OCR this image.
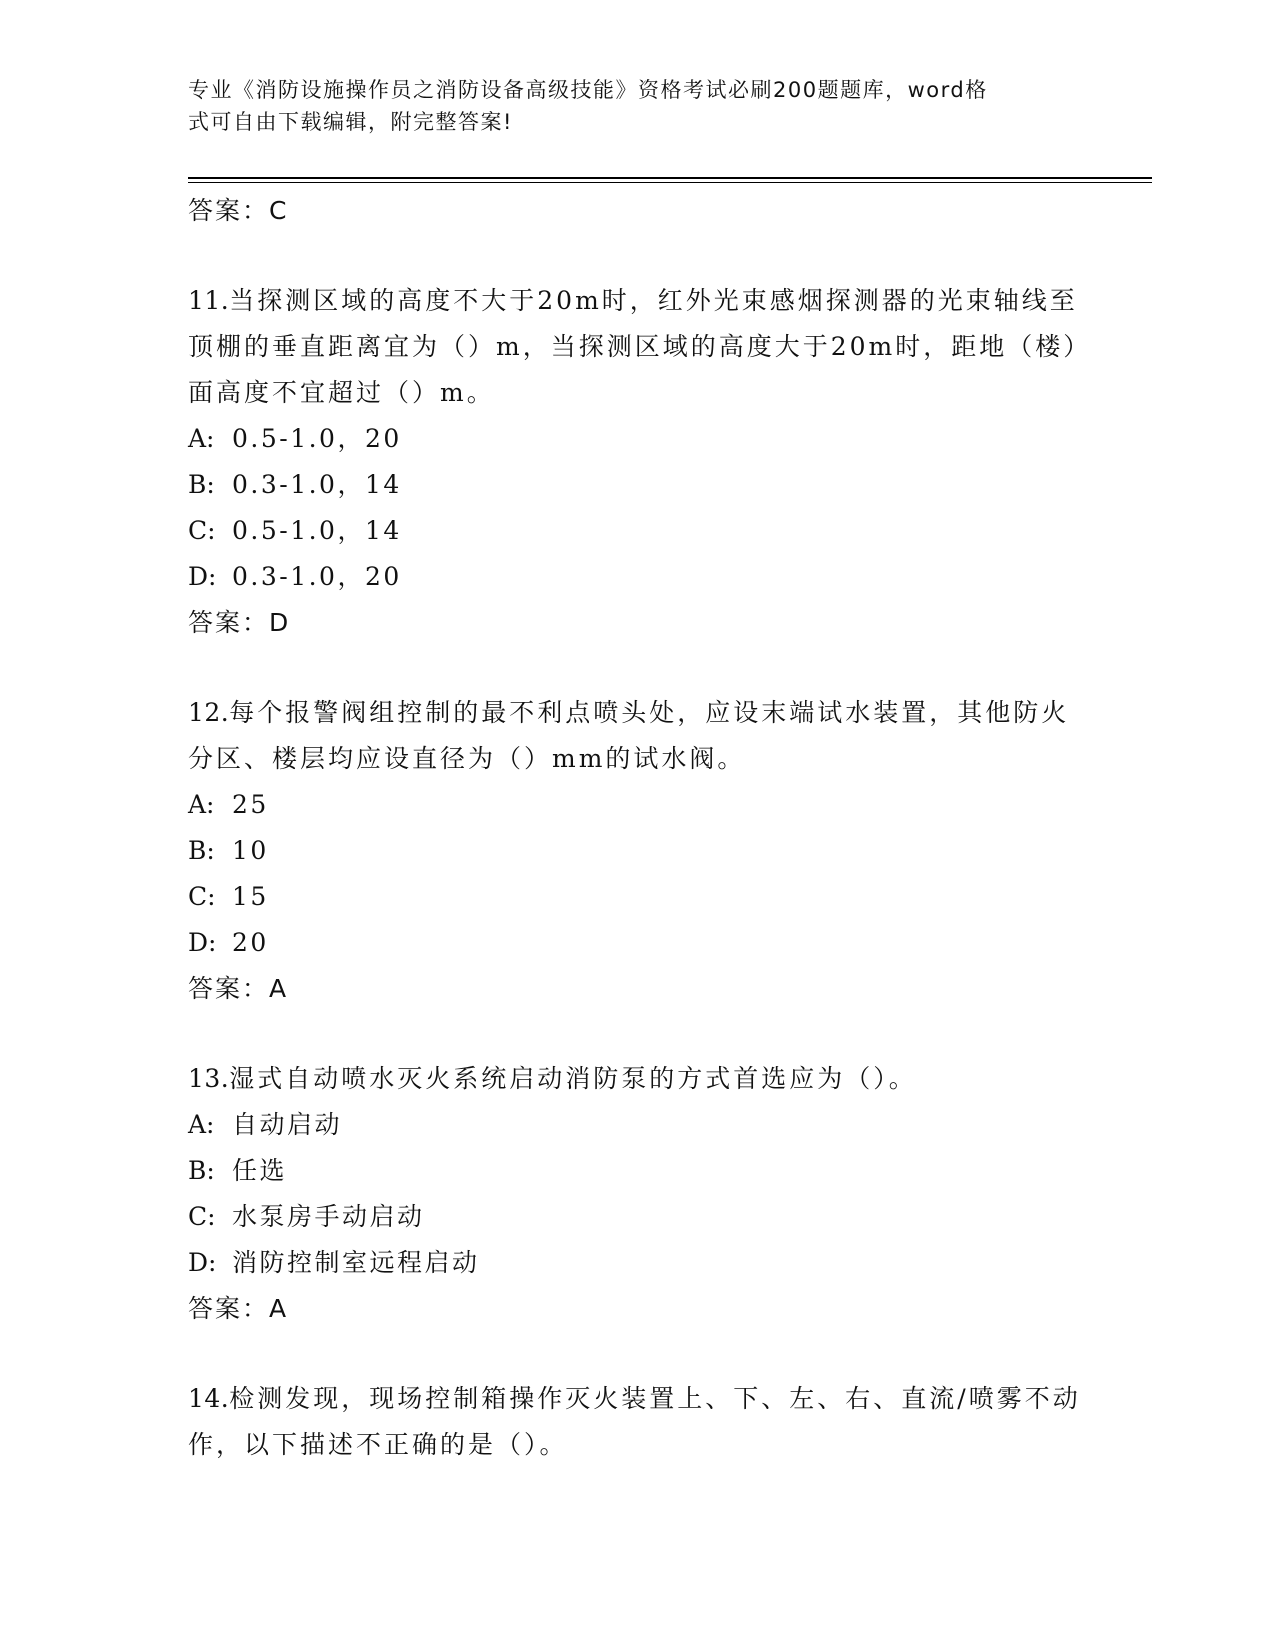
专业《消防设施操作员之消防设备高级技能》资格考试必刷200题题库，word格
式可自由下载编辑，附完整答案!

答案：C

11.当探测区域的高度不大于20m时，红外光束感烟探测器的光束轴线至顶棚的垂直距离宜为（）m，当探测区域的高度大于20m时，距地（楼）面高度不宜超过（）m。

A: 0.5-1.0，20
B: 0.3-1.0，14
C: 0.5-1.0，14
D: 0.3-1.0，20

答案：D

12.每个报警阀组控制的最不利点喷头处，应设末端试水装置，其他防火分区、楼层均应设直径为（）mm的试水阀。

A: 25
B: 10
C: 15
D: 20

答案：A

13.湿式自动喷水灭火系统启动消防泵的方式首选应为（）。

A: 自动启动
B: 任选
C: 水泵房手动启动
D: 消防控制室远程启动

答案：A

14.检测发现，现场控制箱操作灭火装置上、下、左、右、直流/喷雾不动作，以下描述不正确的是（）。
